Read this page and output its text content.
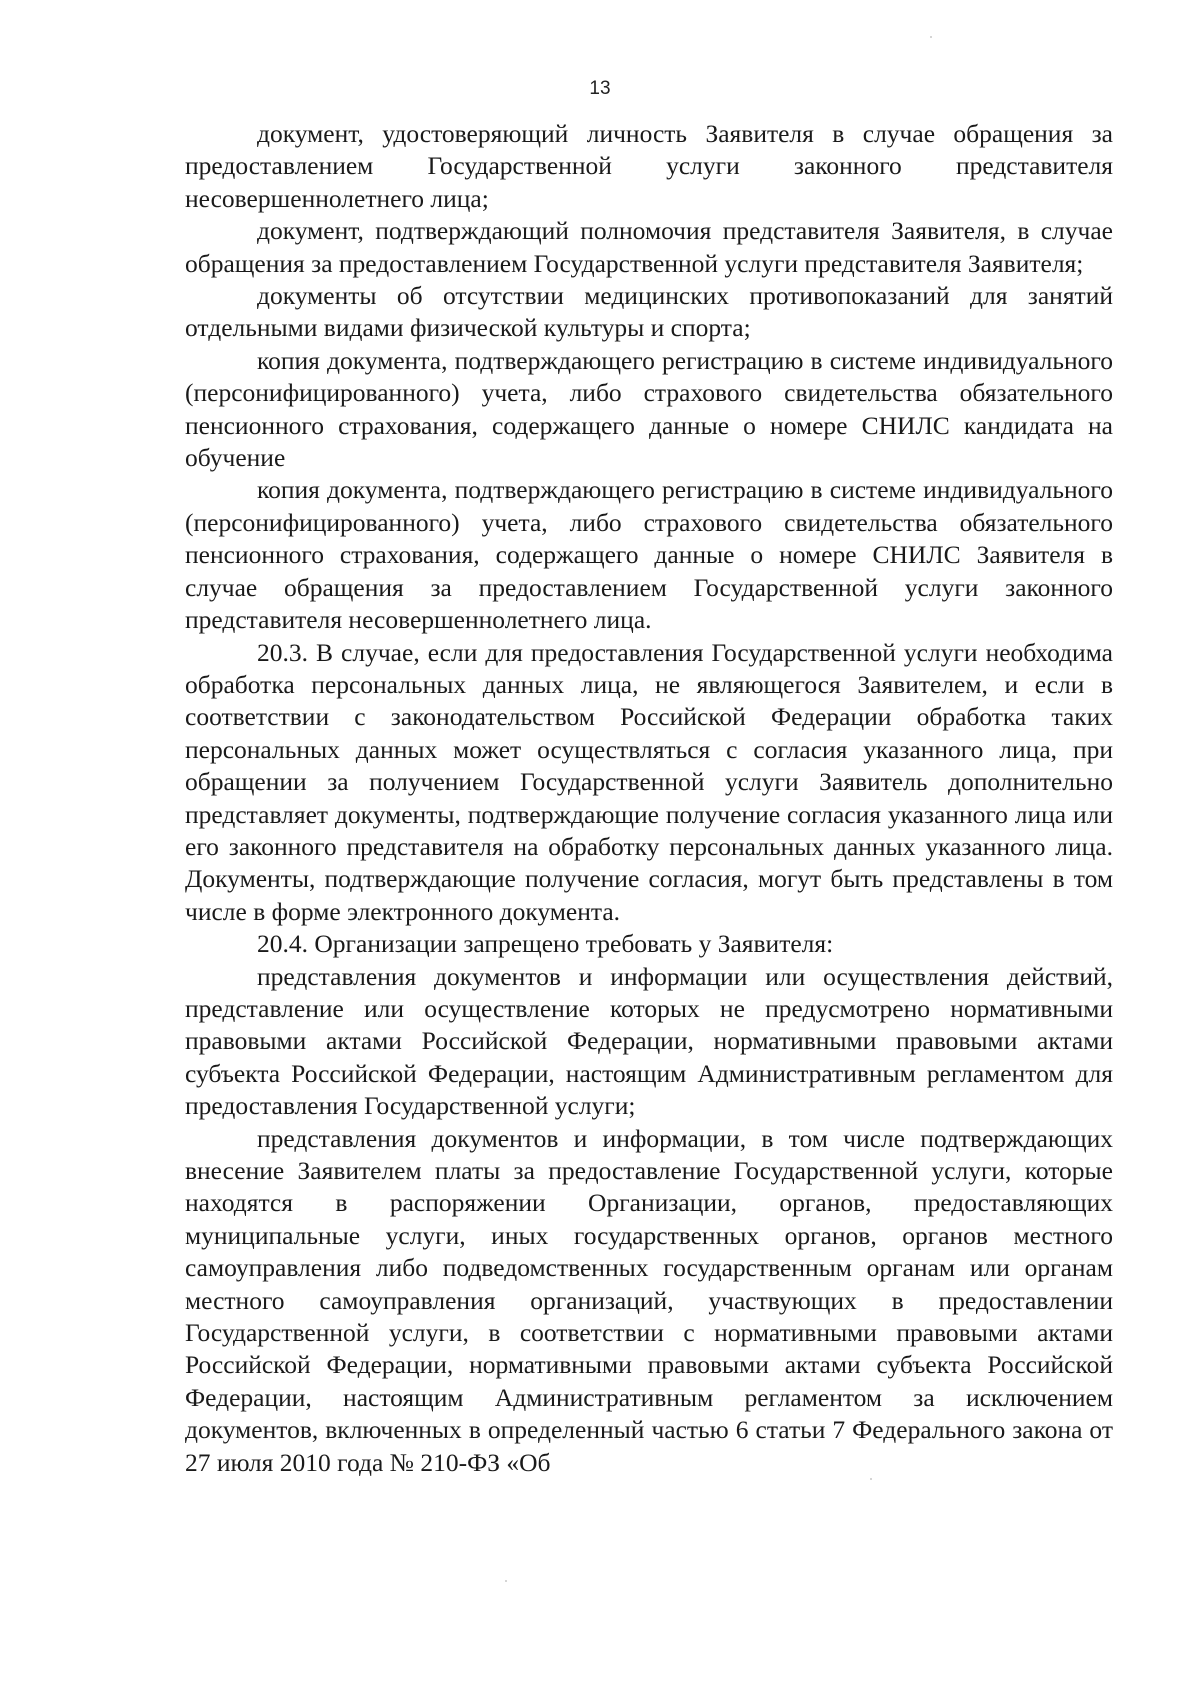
13

документ, удостоверяющий личность Заявителя в случае обращения за предоставлением Государственной услуги законного представителя несовершеннолетнего лица;

документ, подтверждающий полномочия представителя Заявителя, в случае обращения за предоставлением Государственной услуги представителя Заявителя;

документы об отсутствии медицинских противопоказаний для занятий отдельными видами физической культуры и спорта;

копия документа, подтверждающего регистрацию в системе индивидуального (персонифицированного) учета, либо страхового свидетельства обязательного пенсионного страхования, содержащего данные о номере СНИЛС кандидата на обучение

копия документа, подтверждающего регистрацию в системе индивидуального (персонифицированного) учета, либо страхового свидетельства обязательного пенсионного страхования, содержащего данные о номере СНИЛС Заявителя в случае обращения за предоставлением Государственной услуги законного представителя несовершеннолетнего лица.

20.3. В случае, если для предоставления Государственной услуги необходима обработка персональных данных лица, не являющегося Заявителем, и если в соответствии с законодательством Российской Федерации обработка таких персональных данных может осуществляться с согласия указанного лица, при обращении за получением Государственной услуги Заявитель дополнительно представляет документы, подтверждающие получение согласия указанного лица или его законного представителя на обработку персональных данных указанного лица. Документы, подтверждающие получение согласия, могут быть представлены в том числе в форме электронного документа.

20.4. Организации запрещено требовать у Заявителя:

представления документов и информации или осуществления действий, представление или осуществление которых не предусмотрено нормативными правовыми актами Российской Федерации, нормативными правовыми актами субъекта Российской Федерации, настоящим Административным регламентом для предоставления Государственной услуги;

представления документов и информации, в том числе подтверждающих внесение Заявителем платы за предоставление Государственной услуги, которые находятся в распоряжении Организации, органов, предоставляющих муниципальные услуги, иных государственных органов, органов местного самоуправления либо подведомственных государственным органам или органам местного самоуправления организаций, участвующих в предоставлении Государственной услуги, в соответствии с нормативными правовыми актами Российской Федерации, нормативными правовыми актами субъекта Российской Федерации, настоящим Административным регламентом за исключением документов, включенных в определенный частью 6 статьи 7 Федерального закона от 27 июля 2010 года № 210-ФЗ «Об
